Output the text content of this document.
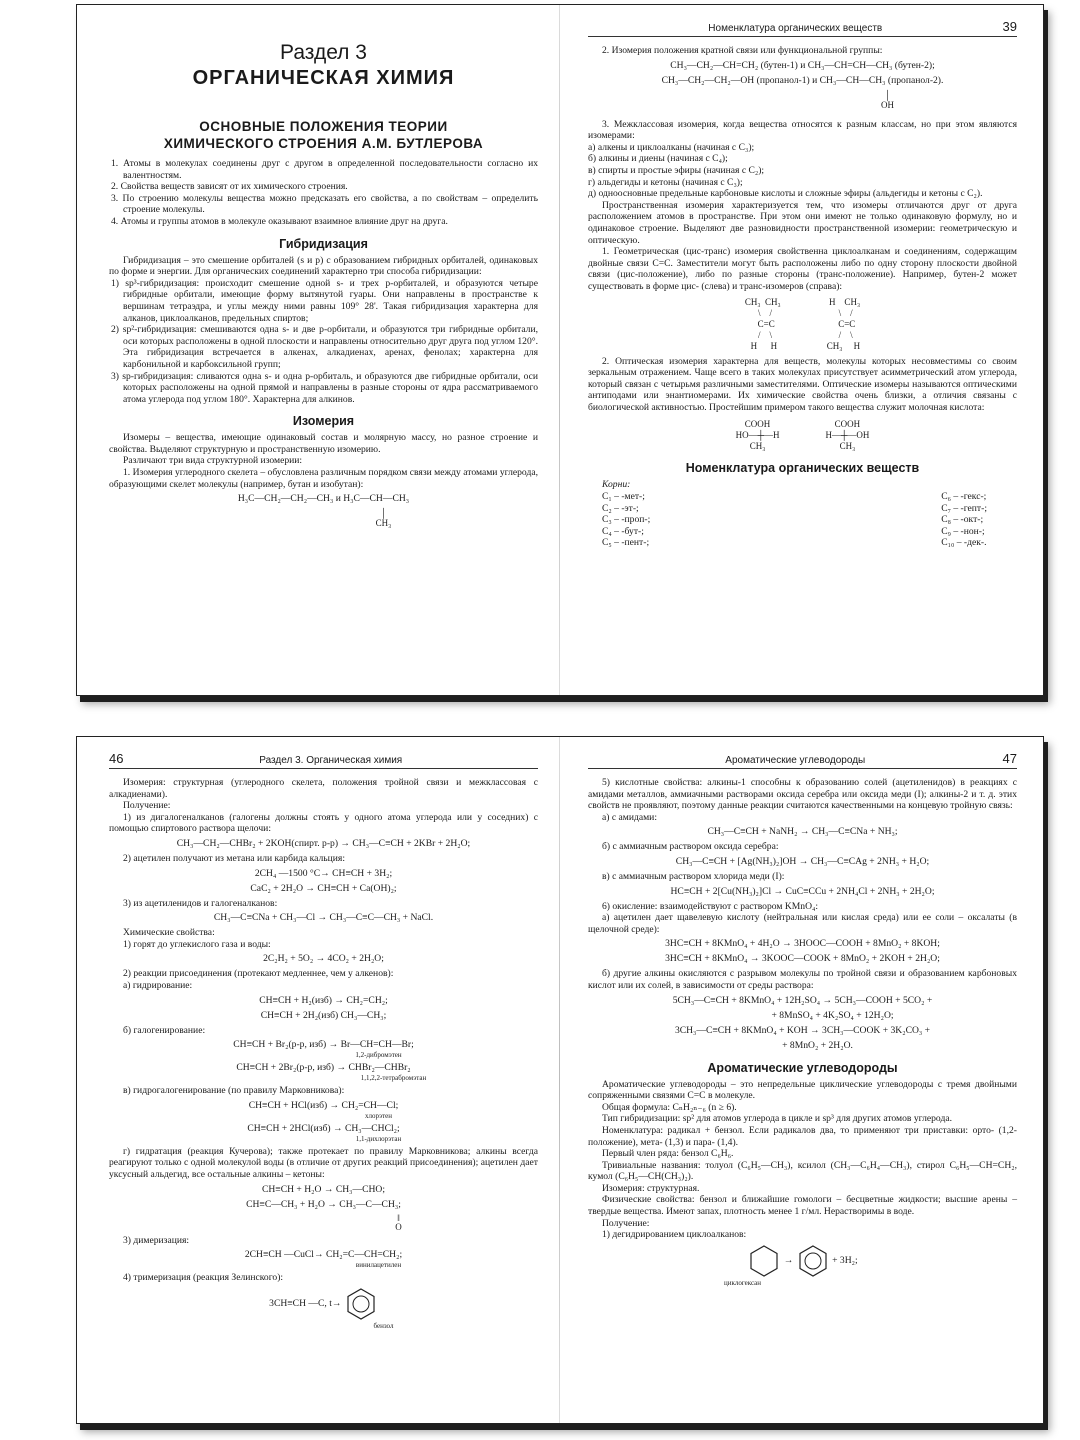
Раздел 3
ОРГАНИЧЕСКАЯ ХИМИЯ
ОСНОВНЫЕ ПОЛОЖЕНИЯ ТЕОРИИ
ХИМИЧЕСКОГО СТРОЕНИЯ А.М. БУТЛЕРОВА

1. Атомы в молекулах соединены друг с другом в определенной последовательности согласно их валентностям.

2. Свойства веществ зависят от их химического строения.

3. По строению молекулы вещества можно предсказать его свойства, а по свойствам – определить строение молекулы.

4. Атомы и группы атомов в молекуле оказывают взаимное влияние друг на друга.

Гибридизация

Гибридизация – это смешение орбиталей (s и p) с образованием гибридных орбиталей, одинаковых по форме и энергии. Для органических соединений характерно три способа гибридизации:

1) sp³-гибридизация: происходит смешение одной s- и трех p-орбиталей, и образуются четыре гибридные орбитали, имеющие форму вытянутой гуары. Они направлены в пространстве к вершинам тетраэдра, и углы между ними равны 109° 28'. Такая гибридизация характерна для алканов, циклоалканов, предельных спиртов;

2) sp²-гибридизация: смешиваются одна s- и две p-орбитали, и образуются три гибридные орбитали, оси которых расположены в одной плоскости и направлены относительно друг друга под углом 120°. Эта гибридизация встречается в алкенах, алкадиенах, аренах, фенолах; характерна для карбонильной и карбоксильной групп;

3) sp-гибридизация: сливаются одна s- и одна p-орбиталь, и образуются две гибридные орбитали, оси которых расположены на одной прямой и направлены в разные стороны от ядра рассматриваемого атома углерода под углом 180°. Характерна для алкинов.

Изомерия

Изомеры – вещества, имеющие одинаковый состав и молярную массу, но разное строение и свойства. Выделяют структурную и пространственную изомерию.

Различают три вида структурной изомерии:

1. Изомерия углеродного скелета – обусловлена различным порядком связи между атомами углерода, образующими скелет молекулы (например, бутан и изобутан):

H₃C—CH₂—CH₂—CH₃ и H₃C—CH—CH₃
│
CH₃
Номенклатура органических веществ	39

2. Изомерия положения кратной связи или функциональной группы:

CH₃—CH₂—CH=CH₂ (бутен-1) и CH₃—CH=CH—CH₃ (бутен-2);
CH₃—CH₂—CH₂—OH (пропанол-1) и CH₃—CH—CH₃ (пропанол-2).
│
OH

3. Межклассовая изомерия, когда вещества относятся к разным классам, но при этом являются изомерами:

а) алкены и циклоалканы (начиная с C₃);

б) алкины и диены (начиная с C₄);

в) спирты и простые эфиры (начиная с C₂);

г) альдегиды и кетоны (начиная с C₃);

д) одноосновные предельные карбоновые кислоты и сложные эфиры (альдегиды и кетоны с C₂).

Пространственная изомерия характеризуется тем, что изомеры отличаются друг от друга расположением атомов в пространстве. При этом они имеют не только одинаковую формулу, но и одинаковое строение. Выделяют две разновидности пространственной изомерии: геометрическую и оптическую.

1. Геометрическая (цис-транс) изомерия свойственна циклоалканам и соединениям, содержащим двойные связи C=C. Заместители могут быть расположены либо по одну сторону плоскости двойной связи (цис-положение), либо по разные стороны (транс-положение). Например, бутен-2 может существовать в форме цис- (слева) и транс-изомеров (справа):

CH₃  CH₃
\    /
C=C
/    \
H      H
H    CH₃
\    /
C=C
/    \
CH₃     H

2. Оптическая изомерия характерна для веществ, молекулы которых несовместимы со своим зеркальным отражением. Чаще всего в таких молекулах присутствует асимметрический атом углерода, который связан с четырьмя различными заместителями. Оптические изомеры называются оптическими антиподами или энантиомерами. Их химические свойства очень близки, а отличия связаны с биологической активностью. Простейшим примером такого вещества служит молочная кислота:

COOH
HO—┼—H
CH₃
COOH
H—┼—OH
CH₃
Номенклатура органических веществ

Корни:

C₁ – -мет-;
C₂ – -эт-;
C₃ – -проп-;
C₄ – -бут-;
C₅ – -пент-;
C₆ – -гекс-;
C₇ – -гепт-;
C₈ – -окт-;
C₉ – -нон-;
C₁₀ – -дек-.
46	Раздел 3. Органическая химия

Изомерия: структурная (углеродного скелета, положения тройной связи и межклассовая с алкадиенами).

Получение:

1) из дигалогеналканов (галогены должны стоять у одного атома углерода или у соседних) с помощью спиртового раствора щелочи:

CH₃—CH₂—CHBr₂ + 2KOH(спирт. р-р) → CH₃—C≡CH + 2KBr + 2H₂O;

2) ацетилен получают из метана или карбида кальция:

2CH₄ —1500 °C→ CH≡CH + 3H₂;
CaC₂ + 2H₂O → CH≡CH + Ca(OH)₂;

3) из ацетиленидов и галогеналканов:

CH₃—C≡CNa + CH₃—Cl → CH₃—C≡C—CH₃ + NaCl.

Химические свойства:

1) горят до углекислого газа и воды:

2C₂H₂ + 5O₂ → 4CO₂ + 2H₂O;

2) реакции присоединения (протекают медленнее, чем у алкенов):

а) гидрирование:

CH≡CH + H₂(изб) → CH₂=CH₂;
CH≡CH + 2H₂(изб) CH₃—CH₃;

б) галогенирование:

CH≡CH + Br₂(р-р, изб) → Br—CH=CH—Br;
1,2-дибромэтен
CH≡CH + 2Br₂(р-р, изб) → CHBr₂—CHBr₂
1,1,2,2-тетрабромэтан

в) гидрогалогенирование (по правилу Марковникова):

CH≡CH + HCl(изб) → CH₂=CH—Cl;
хлорэтен
CH≡CH + 2HCl(изб) → CH₃—CHCl₂;
1,1-дихлорэтан

г) гидратация (реакция Кучерова); также протекает по правилу Марковникова; алкины всегда реагируют только с одной молекулой воды (в отличие от других реакций присоединения); ацетилен дает уксусный альдегид, все остальные алкины – кетоны:

CH≡CH + H₂O → CH₃—CHO;
CH≡C—CH₃ + H₂O → CH₃—C—CH₃;
‖
O

3) димеризация:

2CH≡CH —CuCl→ CH₂=C—CH=CH₂;
винилацетилен

4) тримеризация (реакция Зелинского):

3CH≡CH —C, t→
бензол
Ароматические углеводороды	47

5) кислотные свойства: алкины-1 способны к образованию солей (ацетиленидов) в реакциях с амидами металлов, аммиачными растворами оксида серебра или оксида меди (I); алкины-2 и т. д. этих свойств не проявляют, поэтому данные реакции считаются качественными на концевую тройную связь:

а) с амидами:

CH₃—C≡CH + NaNH₂ → CH₃—C≡CNa + NH₃;

б) с аммиачным раствором оксида серебра:

CH₃—C≡CH + [Ag(NH₃)₂]OH → CH₃—C≡CAg + 2NH₃ + H₂O;

в) с аммиачным раствором хлорида меди (I):

HC≡CH + 2[Cu(NH₃)₂]Cl → CuC≡CCu + 2NH₄Cl + 2NH₃ + 2H₂O;

6) окисление: взаимодействуют с раствором KMnO₄:

а) ацетилен дает щавелевую кислоту (нейтральная или кислая среда) или ее соли – оксалаты (в щелочной среде):

3HC≡CH + 8KMnO₄ + 4H₂O → 3HOOC—COOH + 8MnO₂ + 8KOH;
3HC≡CH + 8KMnO₄ → 3KOOC—COOK + 8MnO₂ + 2KOH + 2H₂O;

б) другие алкины окисляются с разрывом молекулы по тройной связи и образованием карбоновых кислот или их солей, в зависимости от среды раствора:

5CH₃—C≡CH + 8KMnO₄ + 12H₂SO₄ → 5CH₃—COOH + 5CO₂ +
+ 8MnSO₄ + 4K₂SO₄ + 12H₂O;
3CH₃—C≡CH + 8KMnO₄ + KOH → 3CH₃—COOK + 3K₂CO₃ +
+ 8MnO₂ + 2H₂O.
Ароматические углеводороды

Ароматические углеводороды – это непредельные циклические углеводороды с тремя двойными сопряженными связями C=C в молекуле.

Общая формула: CₙH₂ₙ₋₆ (n ≥ 6).

Тип гибридизации: sp² для атомов углерода в цикле и sp³ для других атомов углерода.

Номенклатура: радикал + бензол. Если радикалов два, то применяют три приставки: орто- (1,2-положение), мета- (1,3) и пара- (1,4).

Первый член ряда: бензол C₆H₆.

Тривиальные названия: толуол (C₆H₅—CH₃), ксилол (CH₃—C₆H₄—CH₃), стирол C₆H₅—CH=CH₂, кумол (C₆H₅—CH(CH₃)₂).

Изомерия: структурная.

Физические свойства: бензол и ближайшие гомологи – бесцветные жидкости; высшие арены – твердые вещества. Имеют запах, плотность менее 1 г/мл. Нерастворимы в воде.

Получение:

1) дегидрированием циклоалканов:

→	+ 3H₂;
циклогексан
